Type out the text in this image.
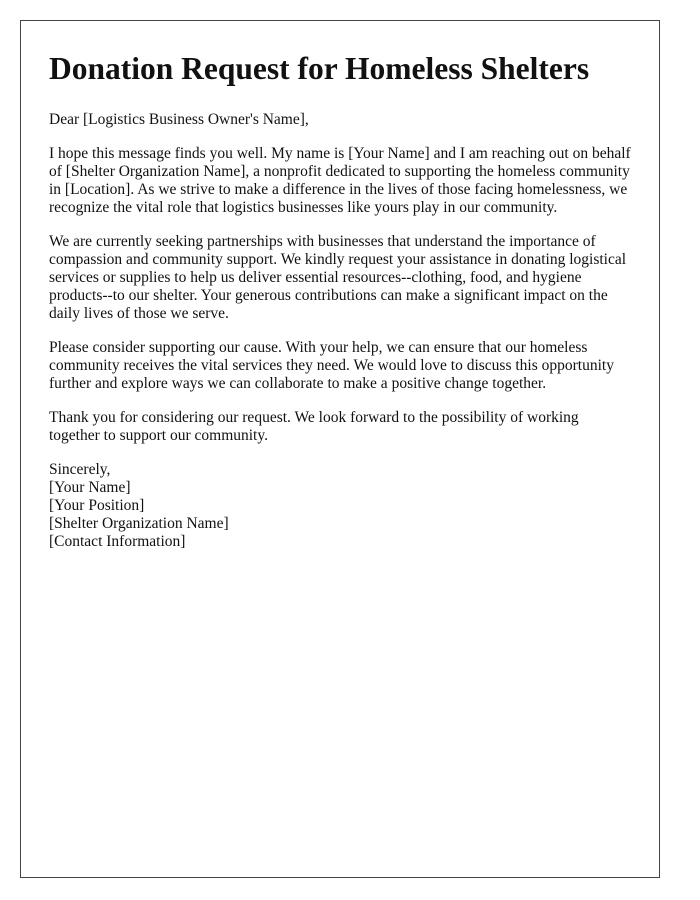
Donation Request for Homeless Shelters

Dear [Logistics Business Owner's Name],

I hope this message finds you well. My name is [Your Name] and I am reaching out on behalf of [Shelter Organization Name], a nonprofit dedicated to supporting the homeless community in [Location]. As we strive to make a difference in the lives of those facing homelessness, we recognize the vital role that logistics businesses like yours play in our community.

We are currently seeking partnerships with businesses that understand the importance of compassion and community support. We kindly request your assistance in donating logistical services or supplies to help us deliver essential resources--clothing, food, and hygiene products--to our shelter. Your generous contributions can make a significant impact on the daily lives of those we serve.

Please consider supporting our cause. With your help, we can ensure that our homeless community receives the vital services they need. We would love to discuss this opportunity further and explore ways we can collaborate to make a positive change together.

Thank you for considering our request. We look forward to the possibility of working together to support our community.

Sincerely,
[Your Name]
[Your Position]
[Shelter Organization Name]
[Contact Information]
